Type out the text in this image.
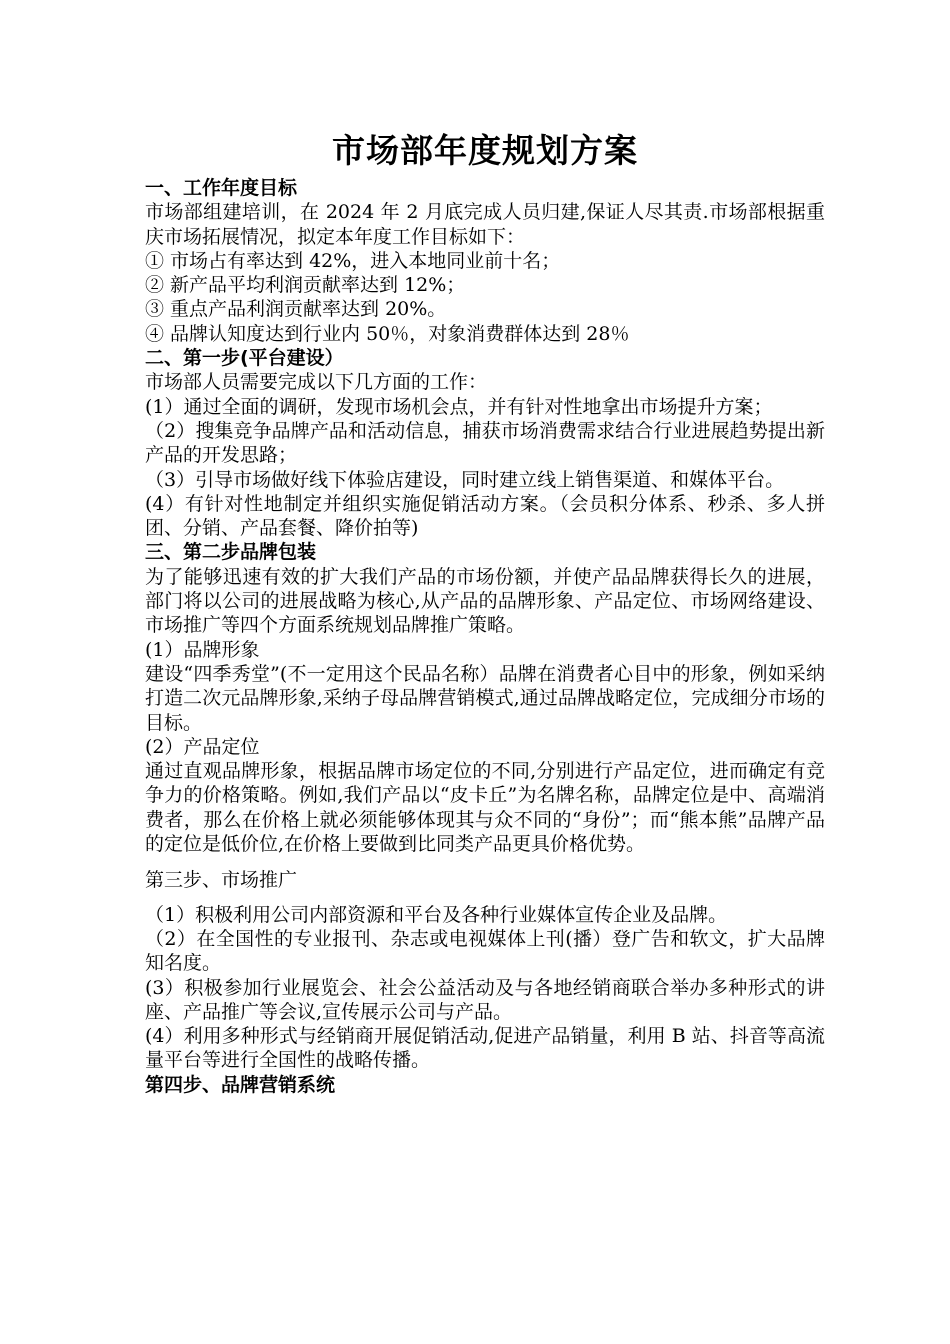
市场部年度规划方案
一、工作年度目标

市场部组建培训，在 2024 年 2 月底完成人员归建,保证人尽其责.市场部根据重庆市场拓展情况，拟定本年度工作目标如下：

① 市场占有率达到 42%，进入本地同业前十名；

② 新产品平均利润贡献率达到 12%；

③ 重点产品利润贡献率达到 20%。

④ 品牌认知度达到行业内 50％，对象消费群体达到 28％

二、第一步(平台建设）

市场部人员需要完成以下几方面的工作：

(1）通过全面的调研，发现市场机会点，并有针对性地拿出市场提升方案；

（2）搜集竞争品牌产品和活动信息，捕获市场消费需求结合行业进展趋势提出新产品的开发思路；

（3）引导市场做好线下体验店建设，同时建立线上销售渠道、和媒体平台。

(4）有针对性地制定并组织实施促销活动方案。（会员积分体系、秒杀、多人拼团、分销、产品套餐、降价拍等)

三、第二步品牌包装

为了能够迅速有效的扩大我们产品的市场份额，并使产品品牌获得长久的进展，部门将以公司的进展战略为核心,从产品的品牌形象、产品定位、市场网络建设、市场推广等四个方面系统规划品牌推广策略。

(1）品牌形象

建设“四季秀堂”(不一定用这个民品名称）品牌在消费者心目中的形象，例如采纳打造二次元品牌形象,采纳子母品牌营销模式,通过品牌战略定位，完成细分市场的目标。

(2）产品定位

通过直观品牌形象，根据品牌市场定位的不同,分别进行产品定位，进而确定有竞争力的价格策略。例如,我们产品以“皮卡丘”为名牌名称，品牌定位是中、高端消费者，那么在价格上就必须能够体现其与众不同的“身份”；而“熊本熊”品牌产品的定位是低价位,在价格上要做到比同类产品更具价格优势。

第三步、市场推广

（1）积极利用公司内部资源和平台及各种行业媒体宣传企业及品牌。

（2）在全国性的专业报刊、杂志或电视媒体上刊(播）登广告和软文，扩大品牌知名度。

(3）积极参加行业展览会、社会公益活动及与各地经销商联合举办多种形式的讲座、产品推广等会议,宣传展示公司与产品。

(4）利用多种形式与经销商开展促销活动,促进产品销量，利用 B 站、抖音等高流量平台等进行全国性的战略传播。

第四步、品牌营销系统
